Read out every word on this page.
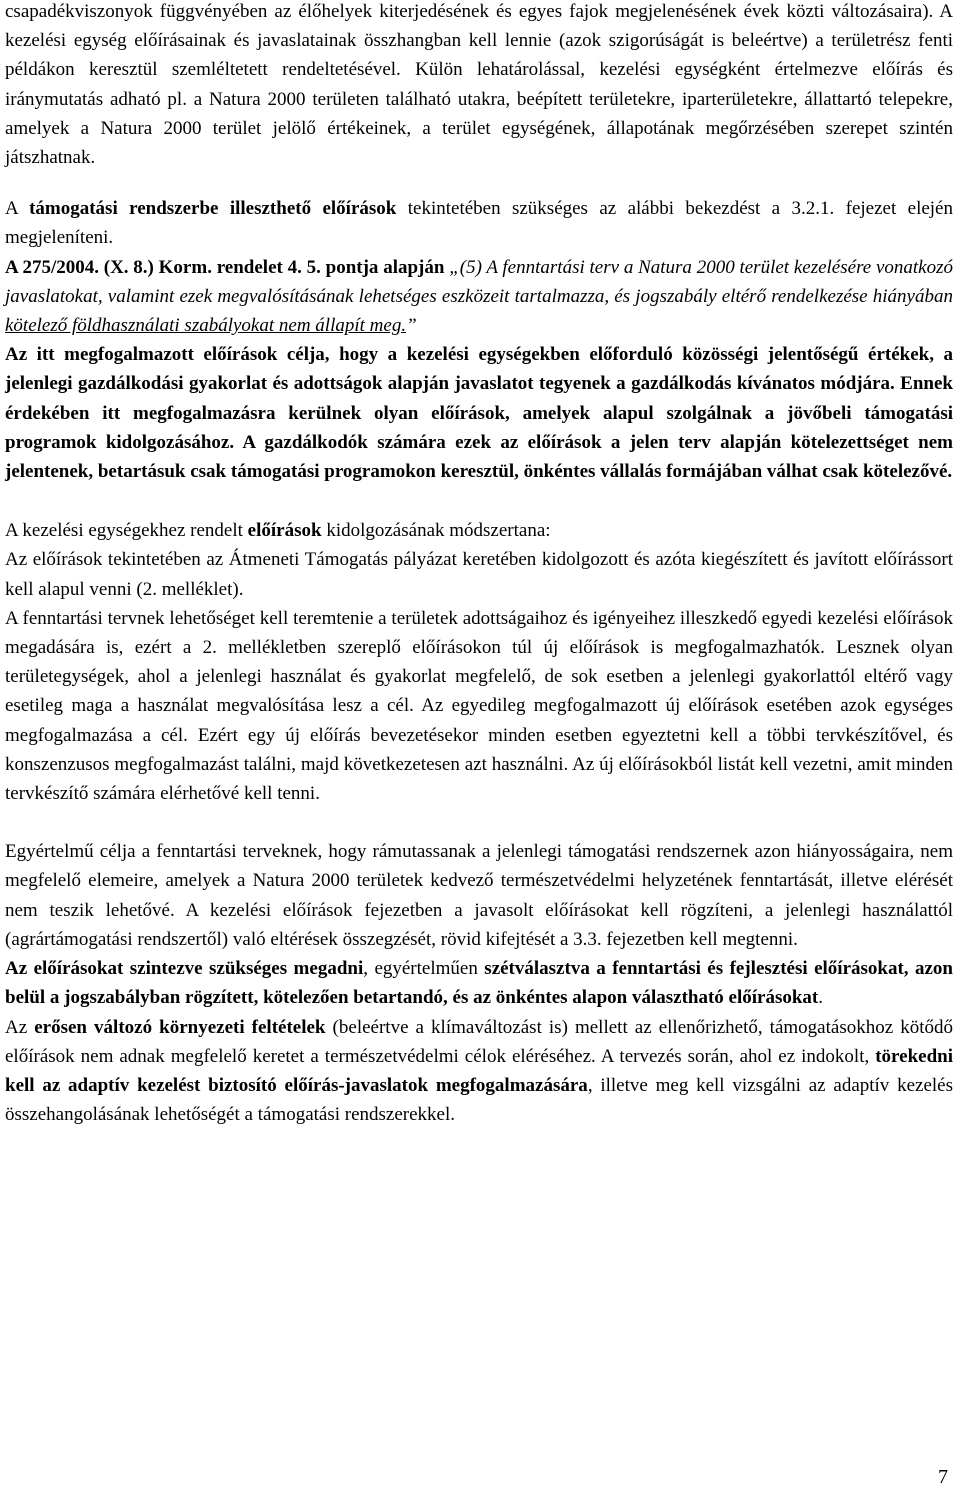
csapadékviszonyok függvényében az élőhelyek kiterjedésének és egyes fajok megjelenésének évek közti változásaira). A kezelési egység előírásainak és javaslatainak összhangban kell lennie (azok szigorúságát is beleértve) a területrész fenti példákon keresztül szemléltetett rendeltetésével. Külön lehatárolással, kezelési egységként értelmezve előírás és iránymutatás adható pl. a Natura 2000 területen található utakra, beépített területekre, iparterületekre, állattartó telepekre, amelyek a Natura 2000 terület jelölő értékeinek, a terület egységének, állapotának megőrzésében szerepet szintén játszhatnak.

A támogatási rendszerbe illeszthető előírások tekintetében szükséges az alábbi bekezdést a 3.2.1. fejezet elején megjeleníteni.

A 275/2004. (X. 8.) Korm. rendelet 4. 5. pontja alapján „(5) A fenntartási terv a Natura 2000 terület kezelésére vonatkozó javaslatokat, valamint ezek megvalósításának lehetséges eszközeit tartalmazza, és jogszabály eltérő rendelkezése hiányában kötelező földhasználati szabályokat nem állapít meg.”

Az itt megfogalmazott előírások célja, hogy a kezelési egységekben előforduló közösségi jelentőségű értékek, a jelenlegi gazdálkodási gyakorlat és adottságok alapján javaslatot tegyenek a gazdálkodás kívánatos módjára. Ennek érdekében itt megfogalmazásra kerülnek olyan előírások, amelyek alapul szolgálnak a jövőbeli támogatási programok kidolgozásához. A gazdálkodók számára ezek az előírások a jelen terv alapján kötelezettséget nem jelentenek, betartásuk csak támogatási programokon keresztül, önkéntes vállalás formájában válhat csak kötelezővé.

A kezelési egységekhez rendelt előírások kidolgozásának módszertana:

Az előírások tekintetében az Átmeneti Támogatás pályázat keretében kidolgozott és azóta kiegészített és javított előírássort kell alapul venni (2. melléklet).

A fenntartási tervnek lehetőséget kell teremtenie a területek adottságaihoz és igényeihez illeszkedő egyedi kezelési előírások megadására is, ezért a 2. mellékletben szereplő előírásokon túl új előírások is megfogalmazhatók. Lesznek olyan területegységek, ahol a jelenlegi használat és gyakorlat megfelelő, de sok esetben a jelenlegi gyakorlattól eltérő vagy esetileg maga a használat megvalósítása lesz a cél. Az egyedileg megfogalmazott új előírások esetében azok egységes megfogalmazása a cél. Ezért egy új előírás bevezetésekor minden esetben egyeztetni kell a többi tervkészítővel, és konszenzusos megfogalmazást találni, majd következetesen azt használni. Az új előírásokból listát kell vezetni, amit minden tervkészítő számára elérhetővé kell tenni.

Egyértelmű célja a fenntartási terveknek, hogy rámutassanak a jelenlegi támogatási rendszernek azon hiányosságaira, nem megfelelő elemeire, amelyek a Natura 2000 területek kedvező természetvédelmi helyzetének fenntartását, illetve elérését nem teszik lehetővé. A kezelési előírások fejezetben a javasolt előírásokat kell rögzíteni, a jelenlegi használattól (agrártámogatási rendszertől) való eltérések összegzését, rövid kifejtését a 3.3. fejezetben kell megtenni.

Az előírásokat szintezve szükséges megadni, egyértelműen szétválasztva a fenntartási és fejlesztési előírásokat, azon belül a jogszabályban rögzített, kötelezően betartandó, és az önkéntes alapon választható előírásokat.

Az erősen változó környezeti feltételek (beleértve a klímaváltozást is) mellett az ellenőrizhető, támogatásokhoz kötődő előírások nem adnak megfelelő keretet a természetvédelmi célok eléréséhez. A tervezés során, ahol ez indokolt, törekedni kell az adaptív kezelést biztosító előírás-javaslatok megfogalmazására, illetve meg kell vizsgálni az adaptív kezelés összehangolásának lehetőségét a támogatási rendszerekkel.

7
